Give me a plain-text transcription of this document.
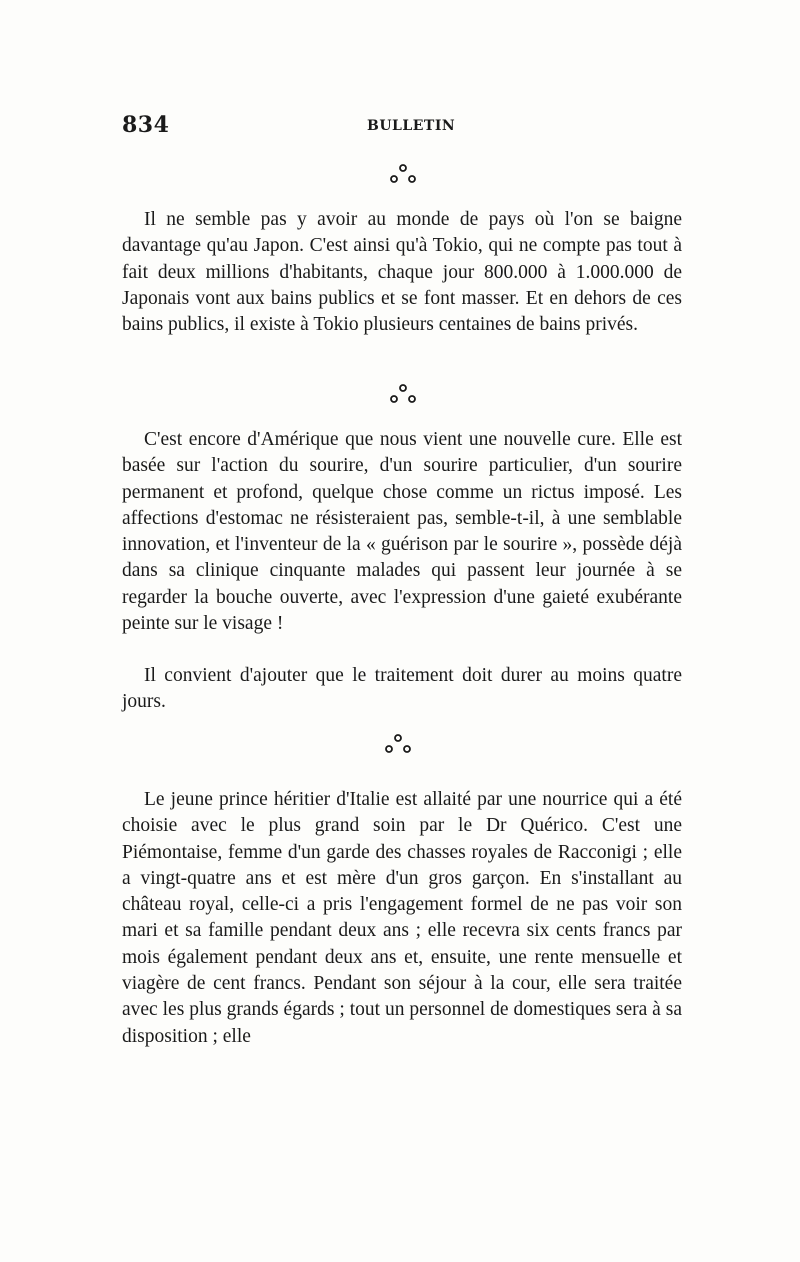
834	BULLETIN

Il ne semble pas y avoir au monde de pays où l'on se baigne davantage qu'au Japon. C'est ainsi qu'à Tokio, qui ne compte pas tout à fait deux millions d'habitants, chaque jour 800.000 à 1.000.000 de Japonais vont aux bains publics et se font masser. Et en dehors de ces bains publics, il existe à Tokio plusieurs centaines de bains privés.

C'est encore d'Amérique que nous vient une nouvelle cure. Elle est basée sur l'action du sourire, d'un sourire particulier, d'un sourire permanent et profond, quelque chose comme un rictus imposé. Les affections d'estomac ne résisteraient pas, semble-t-il, à une semblable innovation, et l'inventeur de la « guérison par le sourire », possède déjà dans sa clinique cinquante malades qui passent leur journée à se regarder la bouche ouverte, avec l'expression d'une gaieté exubérante peinte sur le visage !

Il convient d'ajouter que le traitement doit durer au moins quatre jours.

Le jeune prince héritier d'Italie est allaité par une nourrice qui a été choisie avec le plus grand soin par le Dr Quérico. C'est une Piémontaise, femme d'un garde des chasses royales de Racconigi ; elle a vingt-quatre ans et est mère d'un gros garçon. En s'installant au château royal, celle-ci a pris l'engagement formel de ne pas voir son mari et sa famille pendant deux ans ; elle recevra six cents francs par mois également pendant deux ans et, ensuite, une rente mensuelle et viagère de cent francs. Pendant son séjour à la cour, elle sera traitée avec les plus grands égards ; tout un personnel de domestiques sera à sa disposition ; elle
